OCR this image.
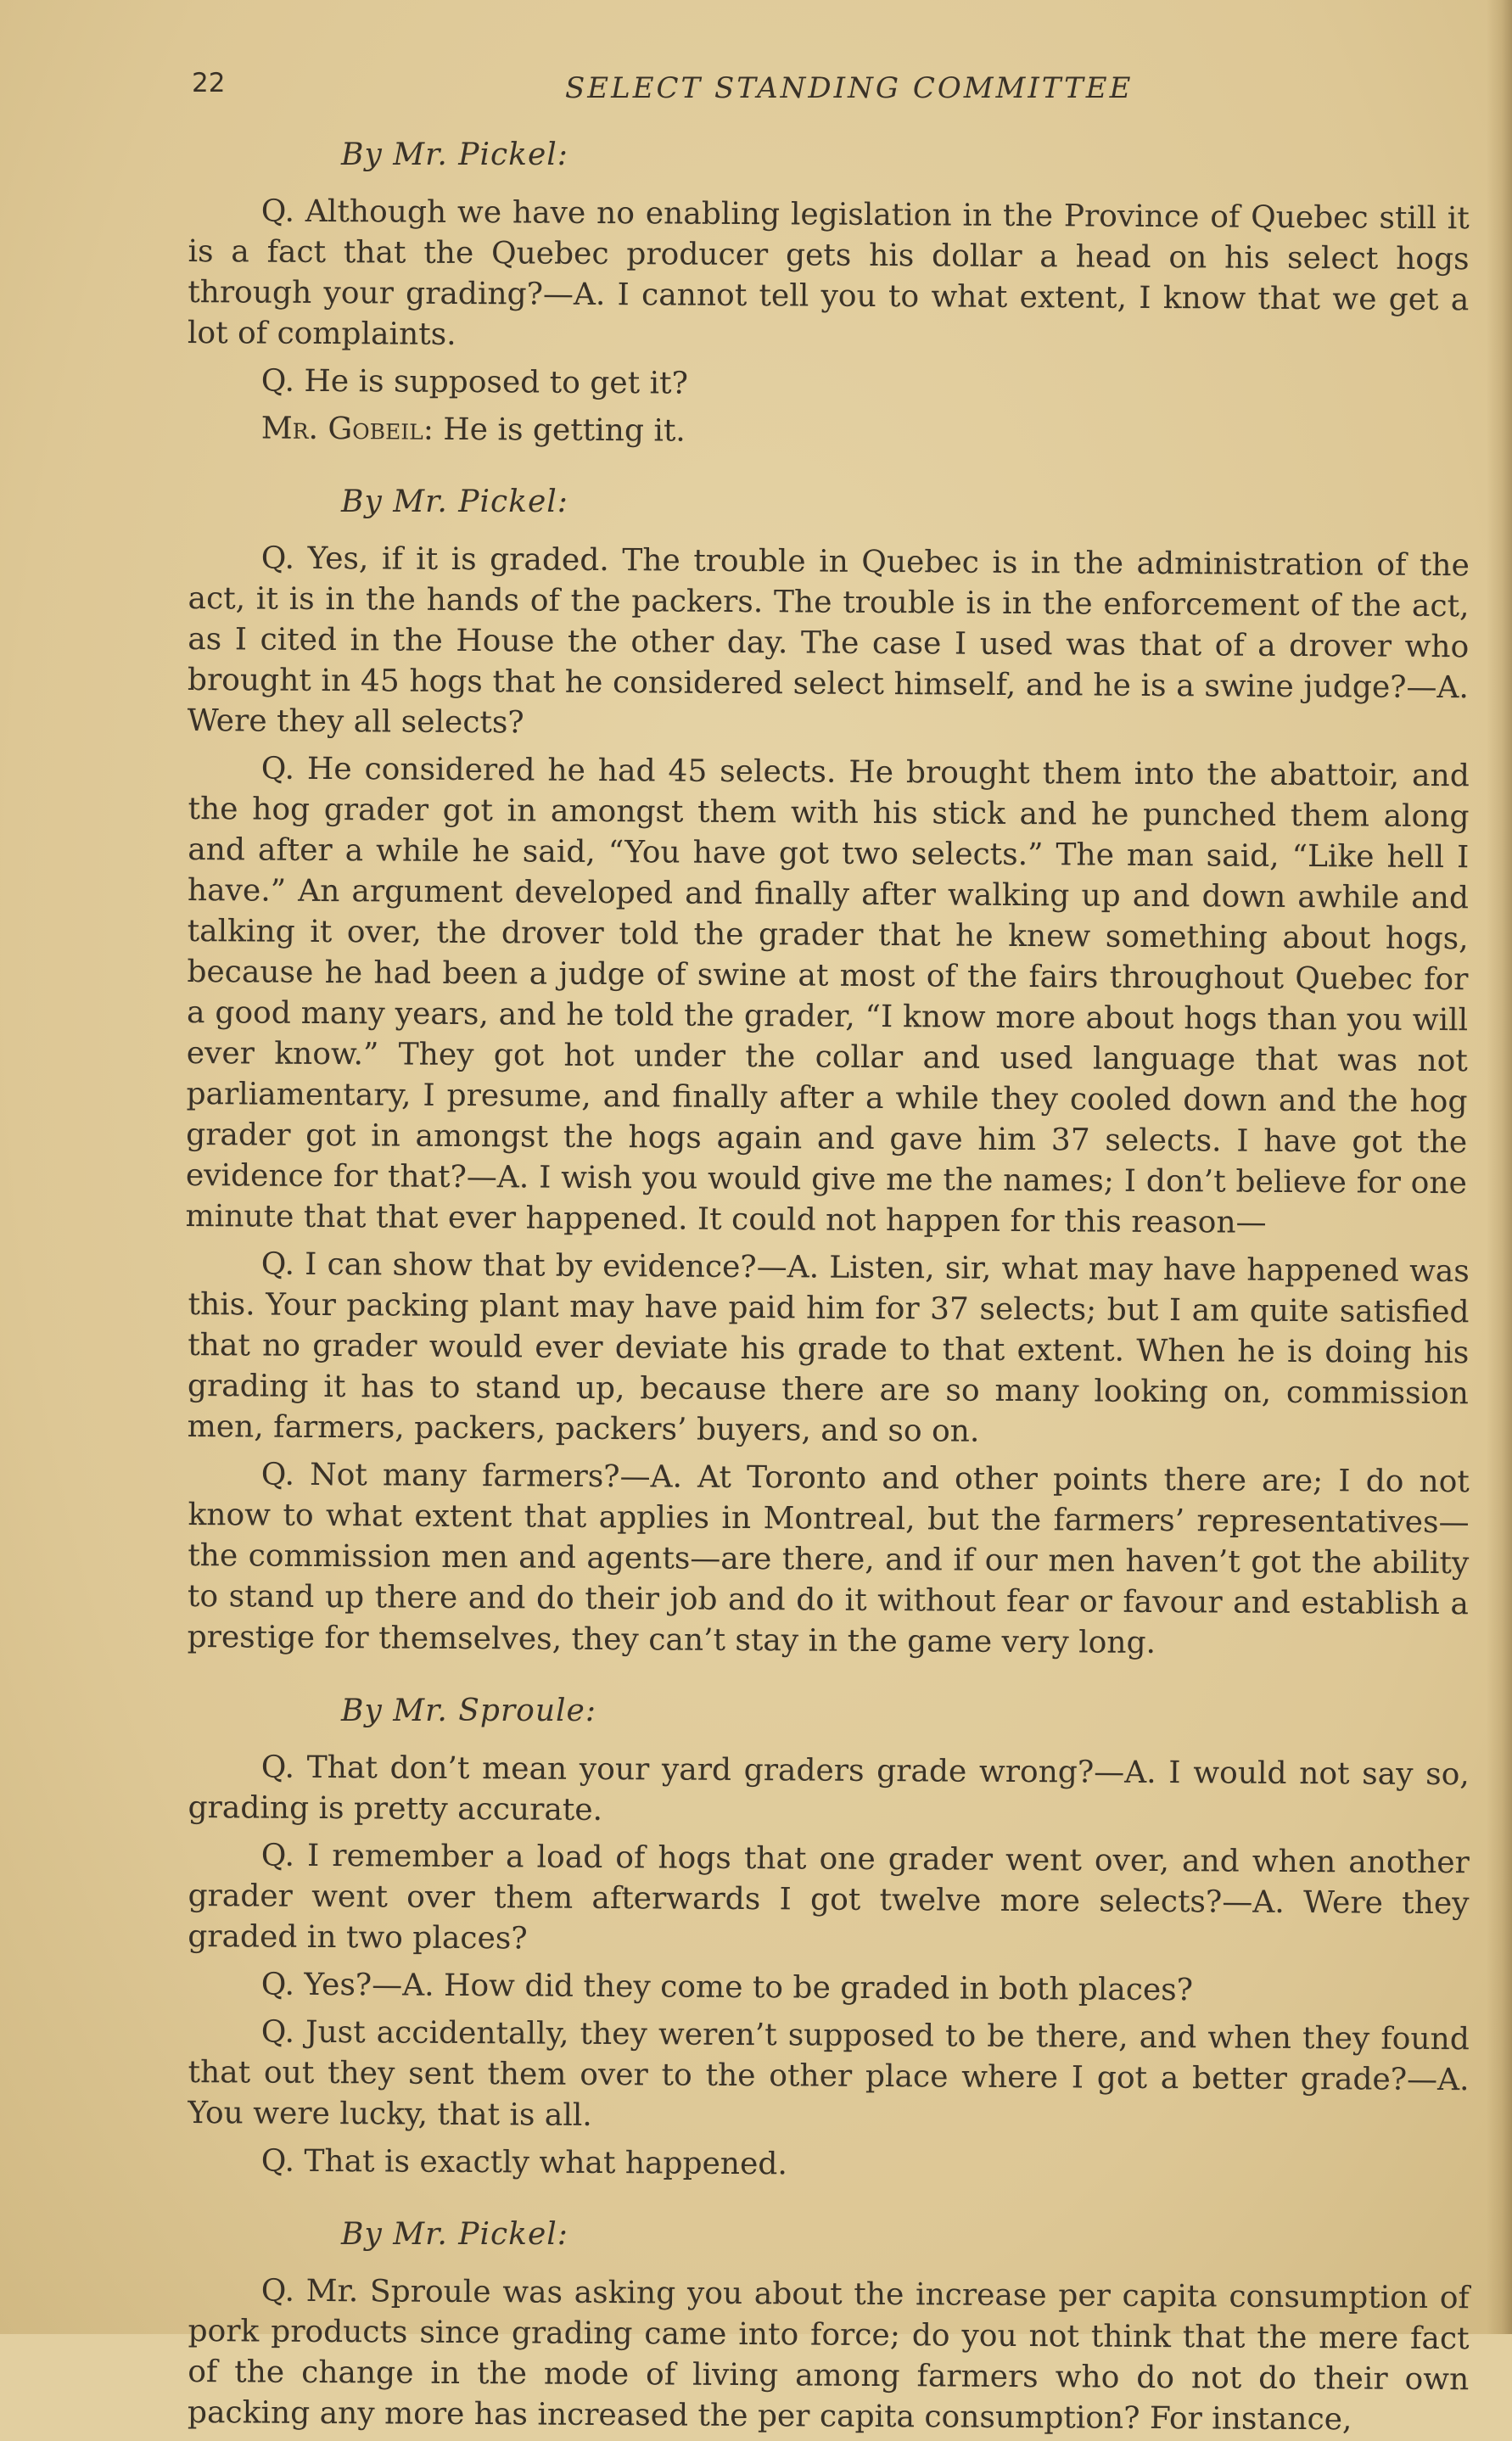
22	SELECT STANDING COMMITTEE
By Mr. Pickel:

Q. Although we have no enabling legislation in the Province of Quebec still it is a fact that the Quebec producer gets his dollar a head on his select hogs through your grading?—A. I cannot tell you to what extent, I know that we get a lot of complaints.

Q. He is supposed to get it?

Mr. Gobeil: He is getting it.

By Mr. Pickel:

Q. Yes, if it is graded. The trouble in Quebec is in the administration of the act, it is in the hands of the packers. The trouble is in the enforcement of the act, as I cited in the House the other day. The case I used was that of a drover who brought in 45 hogs that he considered select himself, and he is a swine judge?—A. Were they all selects?

Q. He considered he had 45 selects. He brought them into the abattoir, and the hog grader got in amongst them with his stick and he punched them along and after a while he said, “You have got two selects.” The man said, “Like hell I have.” An argument developed and finally after walking up and down awhile and talking it over, the drover told the grader that he knew something about hogs, because he had been a judge of swine at most of the fairs throughout Quebec for a good many years, and he told the grader, “I know more about hogs than you will ever know.” They got hot under the collar and used language that was not parliamentary, I presume, and finally after a while they cooled down and the hog grader got in amongst the hogs again and gave him 37 selects. I have got the evidence for that?—A. I wish you would give me the names; I don’t believe for one minute that that ever happened. It could not happen for this reason—

Q. I can show that by evidence?—A. Listen, sir, what may have happened was this. Your packing plant may have paid him for 37 selects; but I am quite satisfied that no grader would ever deviate his grade to that extent. When he is doing his grading it has to stand up, because there are so many looking on, commission men, farmers, packers, packers’ buyers, and so on.

Q. Not many farmers?—A. At Toronto and other points there are; I do not know to what extent that applies in Montreal, but the farmers’ representatives—the commission men and agents—are there, and if our men haven’t got the ability to stand up there and do their job and do it without fear or favour and establish a prestige for themselves, they can’t stay in the game very long.

By Mr. Sproule:

Q. That don’t mean your yard graders grade wrong?—A. I would not say so, grading is pretty accurate.

Q. I remember a load of hogs that one grader went over, and when another grader went over them afterwards I got twelve more selects?—A. Were they graded in two places?

Q. Yes?—A. How did they come to be graded in both places?

Q. Just accidentally, they weren’t supposed to be there, and when they found that out they sent them over to the other place where I got a better grade?—A. You were lucky, that is all.

Q. That is exactly what happened.

By Mr. Pickel:

Q. Mr. Sproule was asking you about the increase per capita consumption of pork products since grading came into force; do you not think that the mere fact of the change in the mode of living among farmers who do not do their own packing any more has increased the per capita consumption? For instance,
